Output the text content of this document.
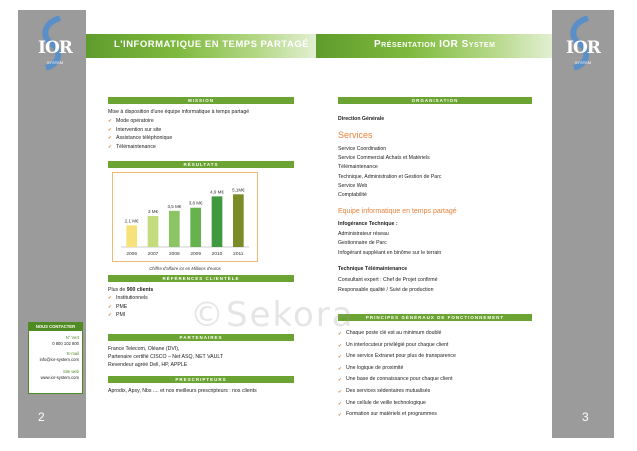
IOR
SYSTEM
NOUS CONTACTER
N° Vert
0 800 102 800
E-mail
info@ior-system.com
Site web
www.ior-system.com
2
L'INFORMATIQUE EN TEMPS PARTAGÉ
MISSION
Mise à disposition d'une équipe informatique à temps partagé
✔ Mode opératoire
✔ Intervention sur site
✔ Assistance téléphonique
✔ Télémaintenance
RÉSULTATS
2,1 M€
2006
3 M€
2007
3,5 M€
2008
3,8 M€
2009
4,9 M€
2010
5,1M€
2011
Chiffre d'affaire ior en Millions d'euros
RÉFÉRENCES CLIENTÈLE
Plus de 900 clients
✔ Institutionnels
✔ PME
✔ PMI
PARTENAIRES
France Telecom, Oléane (DVI),
Partenaire certifié CISCO – Net ASQ, NET VAULT
Revendeur agréé Dell, HP, APPLE
PRESCRIPTEURS
Aprodix, Apsy, Nbs .... et nos meilleurs prescripteurs : nos clients
Présentation IOR System	IOR
SYSTEM
3
ORGANISATION
Direction Générale
Services
Service Coordination
Service Commercial Achats et Matériels
Télémaintenance
Technique, Administration et Gestion de Parc
Service Web
Comptabilité
Equipe informatique en temps partagé
Infogérance Technique :
Administrateur réseau
Gestionnaire de Parc
Infogérant suppléant en binôme sur le terrain
Technique Télémaintenance
Consultant expert : Chef de Projet confirmé
Responsable qualité / Suivi de production
PRINCIPES GÉNÉRAUX DE FONCTIONNEMENT
✔ Chaque poste clé est au minimum doublé
✔ Un interlocuteur privilégié pour chaque client
✔ Une service Extranet pour plus de transparence
✔ Une logique de proximité
✔ Une base de connaissance pour chaque client
✔ Des services sédentaires mutualisés
✔ Une cellule de veille technologique
✔ Formation sur matériels et programmes
©Sekora
